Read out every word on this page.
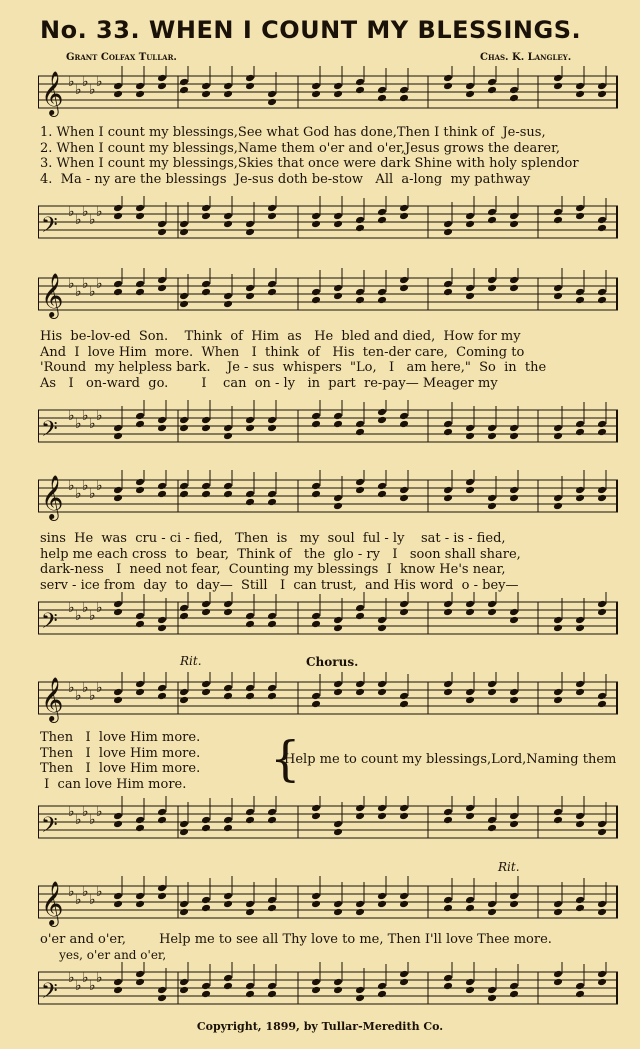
No. 33. WHEN I COUNT MY BLESSINGS.
Grant Colfax Tullar.	Chas. K. Langley.
𝄞 ♭ ♭ ♭ ♭ ♭
1. When I count my blessings,See what God has done,Then I think of  Je-sus,
2. When I count my blessings,Name them o'er and o'er,Jesus grows the dearer,
3. When I count my blessings,Skies that once were dark Shine with holy splendor
4.  Ma - ny are the blessings  Je-sus doth be-stow   All  a-long  my pathway
𝄢
♭ ♭ ♭ ♭ ♭
𝄞 ♭ ♭ ♭ ♭ ♭
His  be-lov-ed  Son.    Think  of  Him  as   He  bled and died,  How for my
And  I  love Him  more.  When   I  think  of   His  ten-der care,  Coming to
'Round  my helpless bark.    Je - sus  whispers  "Lo,   I   am here,"  So  in  the
As   I   on-ward  go.        I    can  on - ly   in  part  re-pay— Meager my
𝄢
♭ ♭ ♭ ♭ ♭
𝄞 ♭ ♭ ♭ ♭ ♭
sins  He  was  cru - ci - fied,   Then  is   my  soul  ful - ly    sat - is - fied,
help me each cross  to  bear,  Think of   the  glo - ry   I   soon shall share,
dark-ness   I  need not fear,  Counting my blessings  I  know He's near,
serv - ice from  day  to  day—  Still   I  can trust,  and His word  o - bey—
𝄢
♭ ♭ ♭ ♭ ♭
Rit.	Chorus.
𝄞 ♭ ♭ ♭ ♭ ♭
Then   I  love Him more.
Then   I  love Him more.
Then   I  love Him more.
I  can love Him more.	{
Help me to count my blessings,Lord,Naming them
𝄢
♭ ♭ ♭ ♭ ♭
Rit.
𝄞 ♭ ♭ ♭ ♭ ♭
o'er and o'er,        Help me to see all Thy love to me, Then I'll love Thee more.
yes, o'er and o'er,
𝄢
♭ ♭ ♭ ♭ ♭
Copyright, 1899, by Tullar-Meredith Co.
